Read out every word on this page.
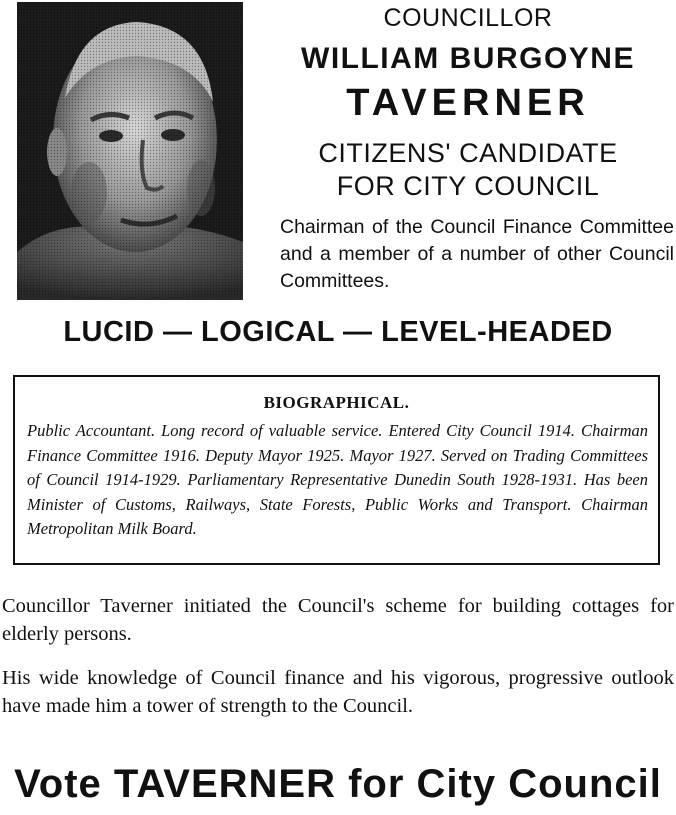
COUNCILLOR
WILLIAM BURGOYNE
TAVERNER
CITIZENS' CANDIDATE
FOR CITY COUNCIL
Chairman of the Council Finance Committee and a member of a number of other Council Committees.
LUCID — LOGICAL — LEVEL-HEADED
BIOGRAPHICAL.
Public Accountant. Long record of valuable service. Entered City Council 1914. Chairman Finance Committee 1916. Deputy Mayor 1925. Mayor 1927. Served on Trading Committees of Council 1914-1929. Parliamentary Representative Dunedin South 1928-1931. Has been Minister of Customs, Railways, State Forests, Public Works and Transport. Chairman Metropolitan Milk Board.
Councillor Taverner initiated the Council's scheme for building cottages for elderly persons.
His wide knowledge of Council finance and his vigorous, progressive outlook have made him a tower of strength to the Council.
Vote TAVERNER for City Council
